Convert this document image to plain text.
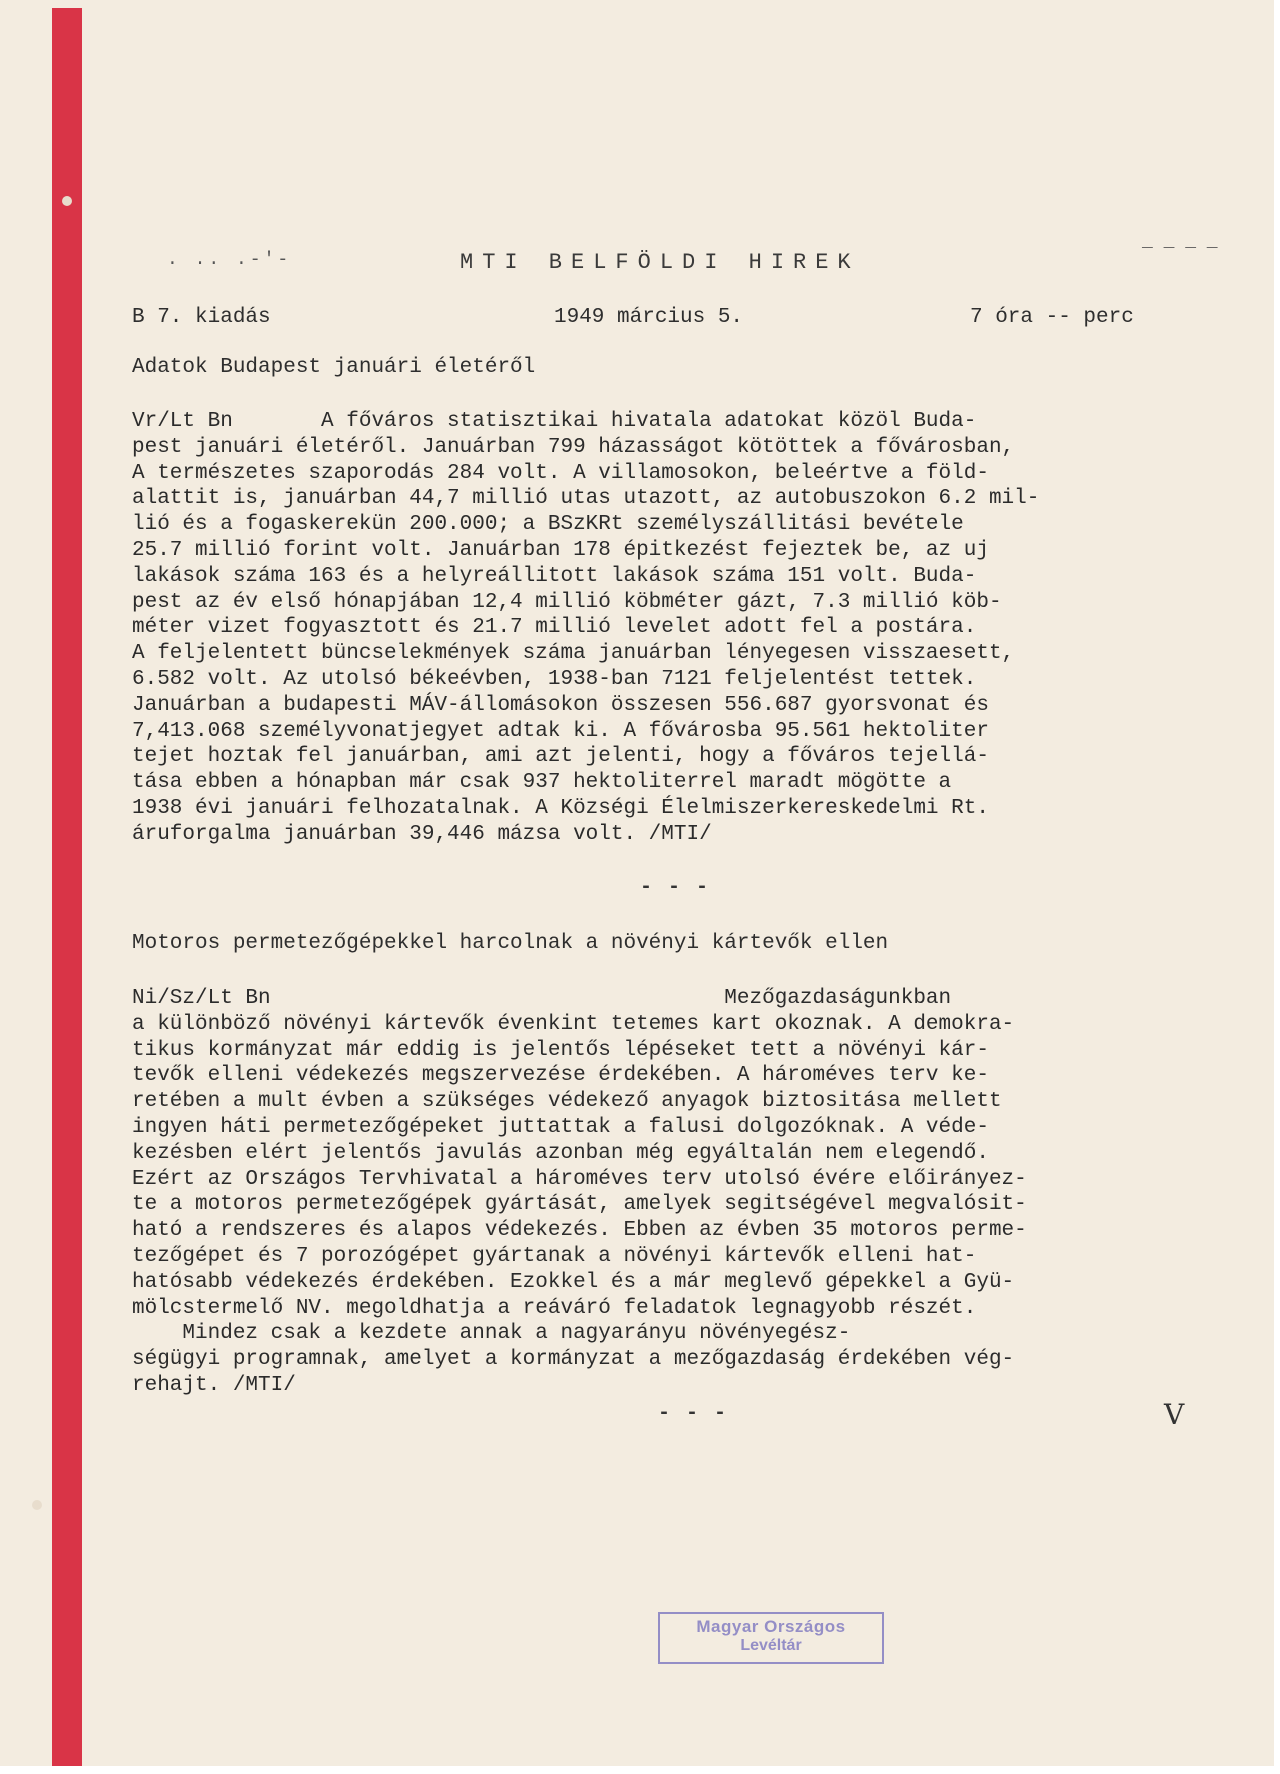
. .. .-'-	MTI BELFÖLDI HIREK
_ _ _ _
B 7. kiadás	1949 március 5.	7 óra -- perc
Adatok Budapest januári életéről
Vr/Lt Bn       A főváros statisztikai hivatala adatokat közöl Buda-
pest januári életéről. Januárban 799 házasságot kötöttek a fővárosban,
A természetes szaporodás 284 volt. A villamosokon, beleértve a föld-
alattit is, januárban 44,7 millió utas utazott, az autobuszokon 6.2 mil-
lió és a fogaskerekün 200.000; a BSzKRt személyszállitási bevétele
25.7 millió forint volt. Januárban 178 épitkezést fejeztek be, az uj
lakások száma 163 és a helyreállitott lakások száma 151 volt. Buda-
pest az év első hónapjában 12,4 millió köbméter gázt, 7.3 millió köb-
méter vizet fogyasztott és 21.7 millió levelet adott fel a postára.
A feljelentett büncselekmények száma januárban lényegesen visszaesett,
6.582 volt. Az utolsó békeévben, 1938-ban 7121 feljelentést tettek.
Januárban a budapesti MÁV-állomásokon összesen 556.687 gyorsvonat és
7,413.068 személyvonatjegyet adtak ki. A fővárosba 95.561 hektoliter
tejet hoztak fel januárban, ami azt jelenti, hogy a főváros tejellá-
tása ebben a hónapban már csak 937 hektoliterrel maradt mögötte a
1938 évi januári felhozatalnak. A Községi Élelmiszerkereskedelmi Rt.
áruforgalma januárban 39,446 mázsa volt. /MTI/
- - -
Motoros permetezőgépekkel harcolnak a növényi kártevők ellen
Ni/Sz/Lt Bn                                    Mezőgazdaságunkban
a különböző növényi kártevők évenkint tetemes kart okoznak. A demokra-
tikus kormányzat már eddig is jelentős lépéseket tett a növényi kár-
tevők elleni védekezés megszervezése érdekében. A hároméves terv ke-
retében a mult évben a szükséges védekező anyagok biztositása mellett
ingyen háti permetezőgépeket juttattak a falusi dolgozóknak. A véde-
kezésben elért jelentős javulás azonban még egyáltalán nem elegendő.
Ezért az Országos Tervhivatal a hároméves terv utolsó évére előirányez-
te a motoros permetezőgépek gyártását, amelyek segitségével megvalósit-
ható a rendszeres és alapos védekezés. Ebben az évben 35 motoros perme-
tezőgépet és 7 porozógépet gyártanak a növényi kártevők elleni hat-
hatósabb védekezés érdekében. Ezokkel és a már meglevő gépekkel a Gyü-
mölcstermelő NV. megoldhatja a reáváró feladatok legnagyobb részét.
Mindez csak a kezdete annak a nagyarányu növényegész-
ségügyi programnak, amelyet a kormányzat a mezőgazdaság érdekében vég-
rehajt. /MTI/
- - -	V
Magyar Országos
Levéltár
